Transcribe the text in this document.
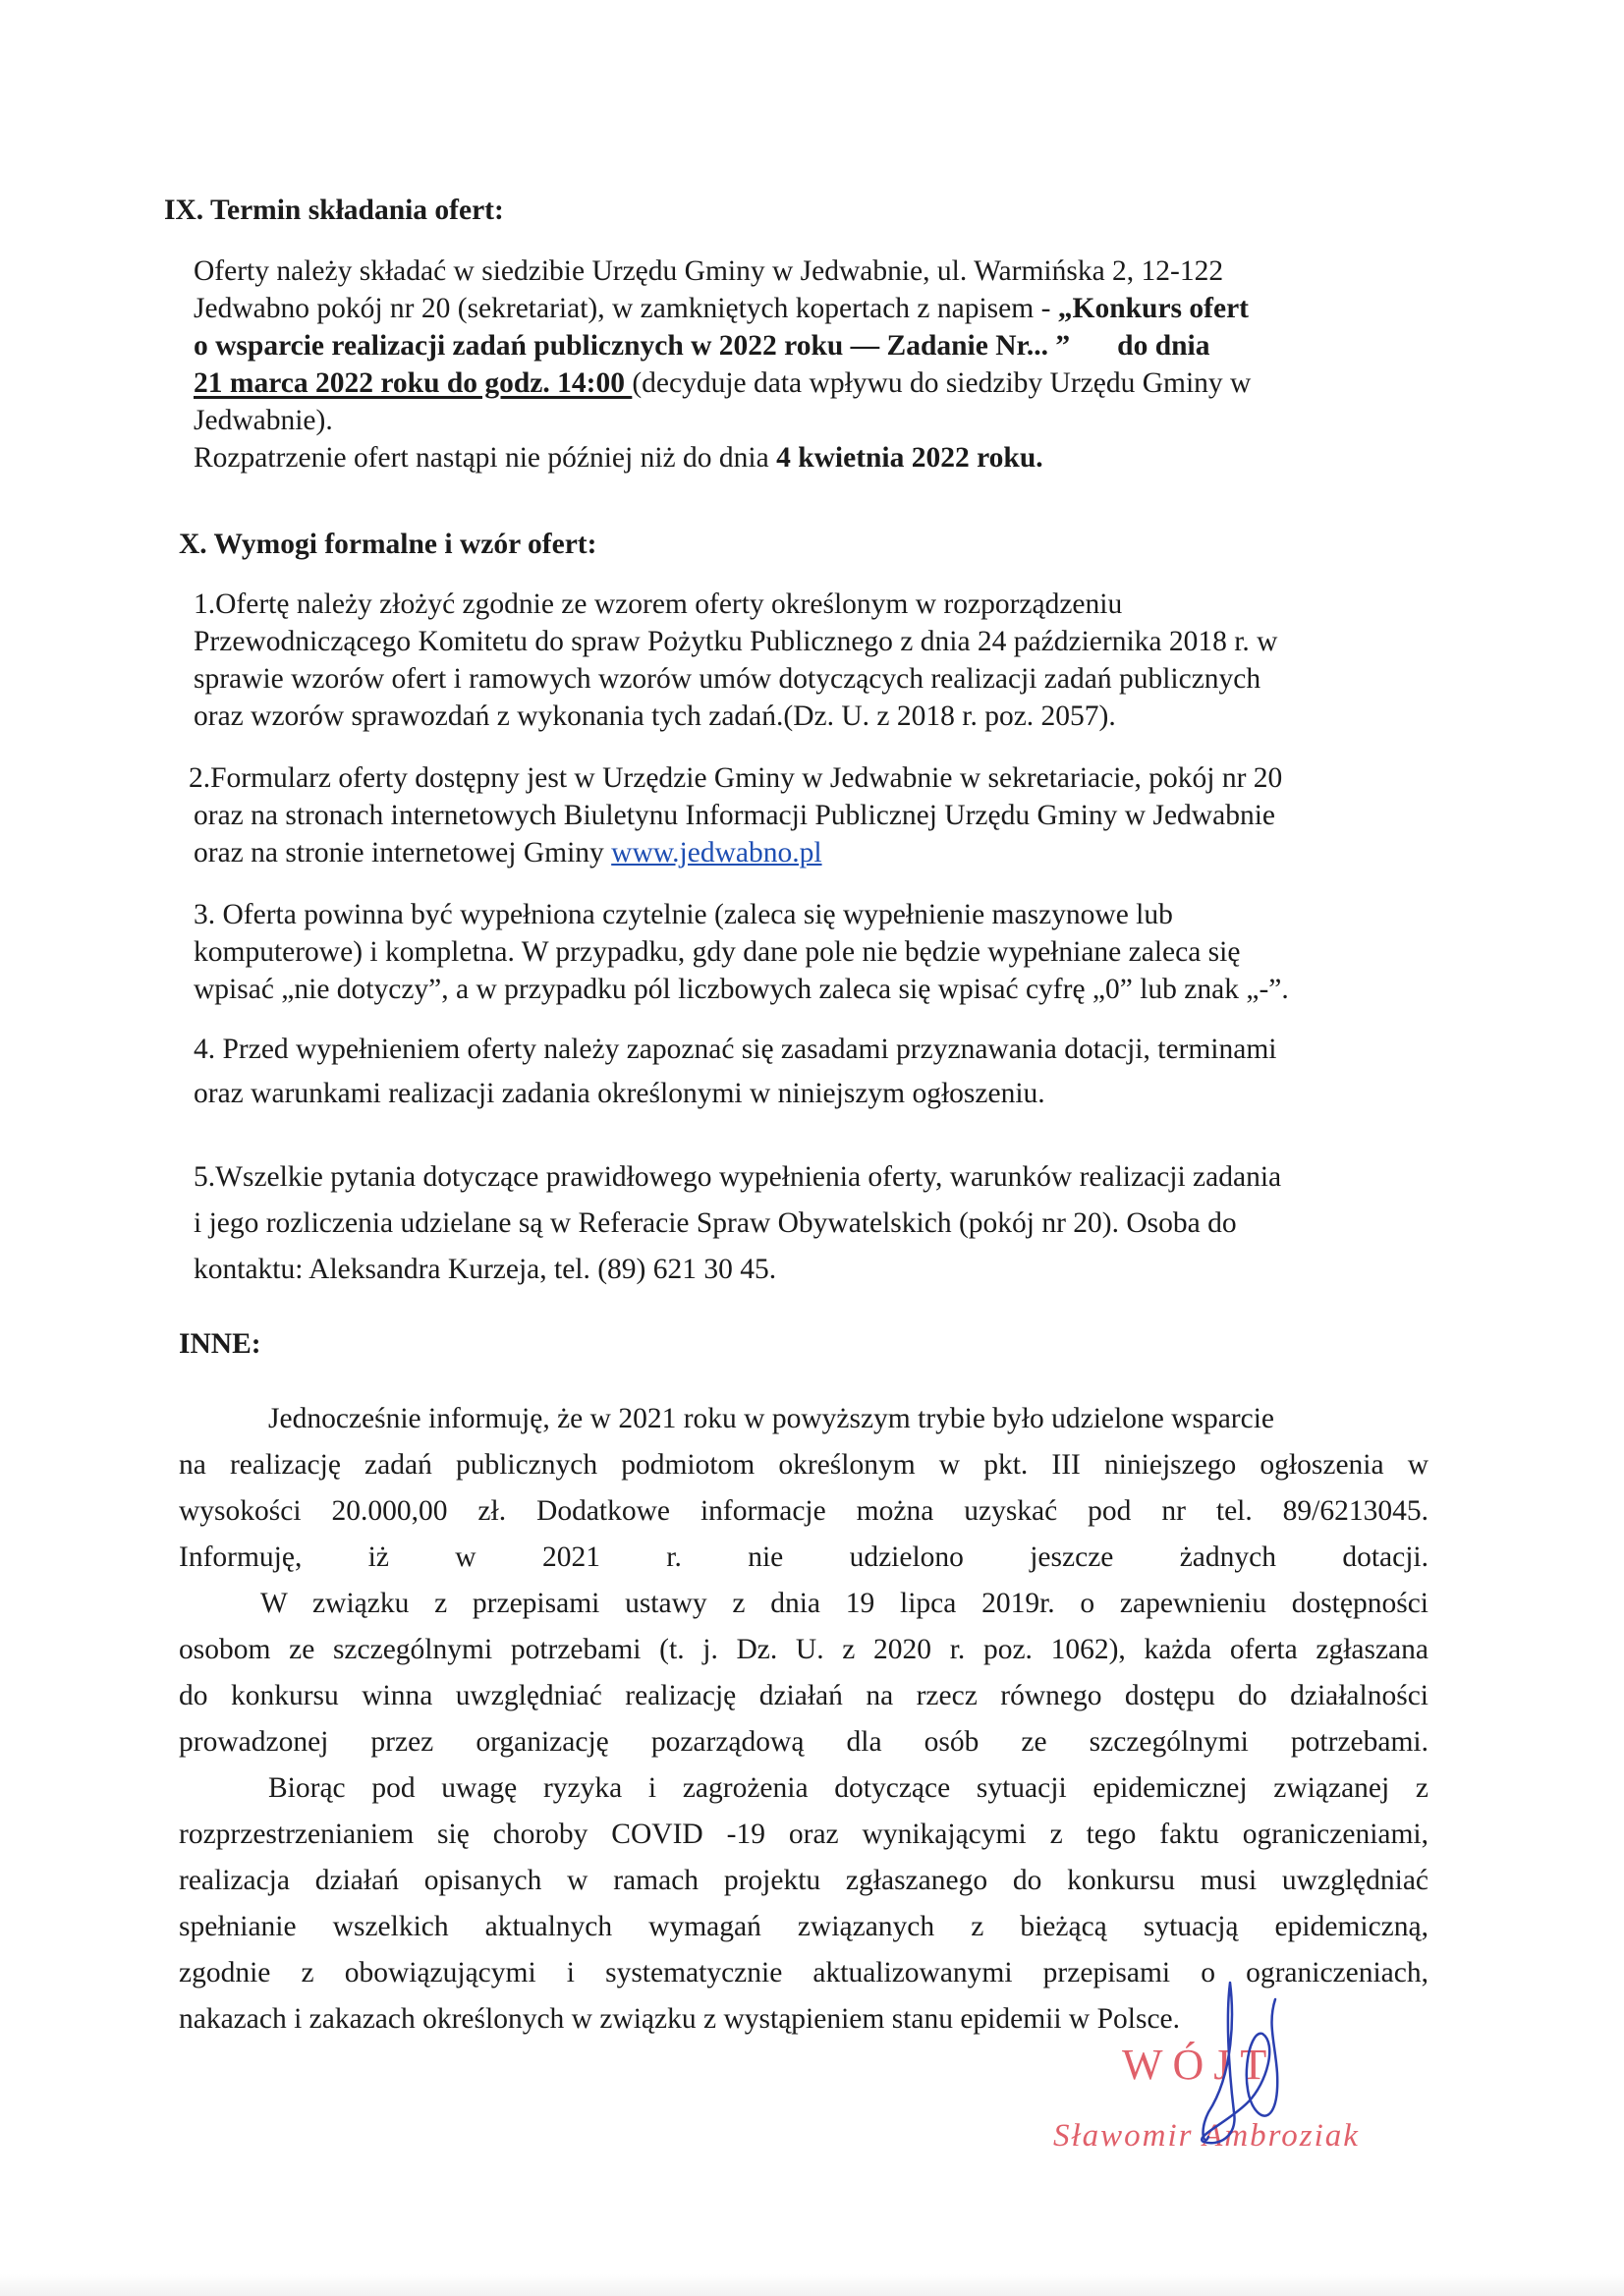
IX. Termin składania ofert:
Oferty należy składać w siedzibie Urzędu Gminy w Jedwabnie, ul. Warmińska 2, 12-122
Jedwabno pokój nr 20 (sekretariat), w zamkniętych kopertach z napisem - „Konkurs ofert
o wsparcie realizacji zadań publicznych w 2022 roku — Zadanie Nr... ” do dnia
21 marca 2022 roku do godz. 14:00 (decyduje data wpływu do siedziby Urzędu Gminy w
Jedwabnie).
Rozpatrzenie ofert nastąpi nie później niż do dnia 4 kwietnia 2022 roku.
X. Wymogi formalne i wzór ofert:
1.Ofertę należy złożyć zgodnie ze wzorem oferty określonym w rozporządzeniu
Przewodniczącego Komitetu do spraw Pożytku Publicznego z dnia 24 października 2018 r. w
sprawie wzorów ofert i ramowych wzorów umów dotyczących realizacji zadań publicznych
oraz wzorów sprawozdań z wykonania tych zadań.(Dz. U. z 2018 r. poz. 2057).
2.Formularz oferty dostępny jest w Urzędzie Gminy w Jedwabnie w sekretariacie, pokój nr 20
oraz na stronach internetowych Biuletynu Informacji Publicznej Urzędu Gminy w Jedwabnie
oraz na stronie internetowej Gminy www.jedwabno.pl
3. Oferta powinna być wypełniona czytelnie (zaleca się wypełnienie maszynowe lub
komputerowe) i kompletna. W przypadku, gdy dane pole nie będzie wypełniane zaleca się
wpisać „nie dotyczy”, a w przypadku pól liczbowych zaleca się wpisać cyfrę „0” lub znak „-”.
4. Przed wypełnieniem oferty należy zapoznać się zasadami przyznawania dotacji, terminami
oraz warunkami realizacji zadania określonymi w niniejszym ogłoszeniu.
5.Wszelkie pytania dotyczące prawidłowego wypełnienia oferty, warunków realizacji zadania
i jego rozliczenia udzielane są w Referacie Spraw Obywatelskich (pokój nr 20). Osoba do
kontaktu: Aleksandra Kurzeja, tel. (89) 621 30 45.
INNE:
Jednocześnie informuję, że w 2021 roku w powyższym trybie było udzielone wsparcie
na realizację zadań publicznych podmiotom określonym w pkt. III niniejszego ogłoszenia w
wysokości 20.000,00 zł. Dodatkowe informacje można uzyskać pod nr tel. 89/6213045.
Informuję, iż w 2021 r. nie udzielono jeszcze żadnych dotacji.
W związku z przepisami ustawy z dnia 19 lipca 2019r. o zapewnieniu dostępności
osobom ze szczególnymi potrzebami (t. j. Dz. U. z 2020 r. poz. 1062), każda oferta zgłaszana
do konkursu winna uwzględniać realizację działań na rzecz równego dostępu do działalności
prowadzonej przez organizację pozarządową dla osób ze szczególnymi potrzebami.
Biorąc pod uwagę ryzyka i zagrożenia dotyczące sytuacji epidemicznej związanej z
rozprzestrzenianiem się choroby COVID -19 oraz wynikającymi z tego faktu ograniczeniami,
realizacja działań opisanych w ramach projektu zgłaszanego do konkursu musi uwzględniać
spełnianie wszelkich aktualnych wymagań związanych z bieżącą sytuacją epidemiczną,
zgodnie z obowiązującymi i systematycznie aktualizowanymi przepisami o ograniczeniach,
nakazach i zakazach określonych w związku z wystąpieniem stanu epidemii w Polsce.
WÓJT
Sławomir Ambroziak
